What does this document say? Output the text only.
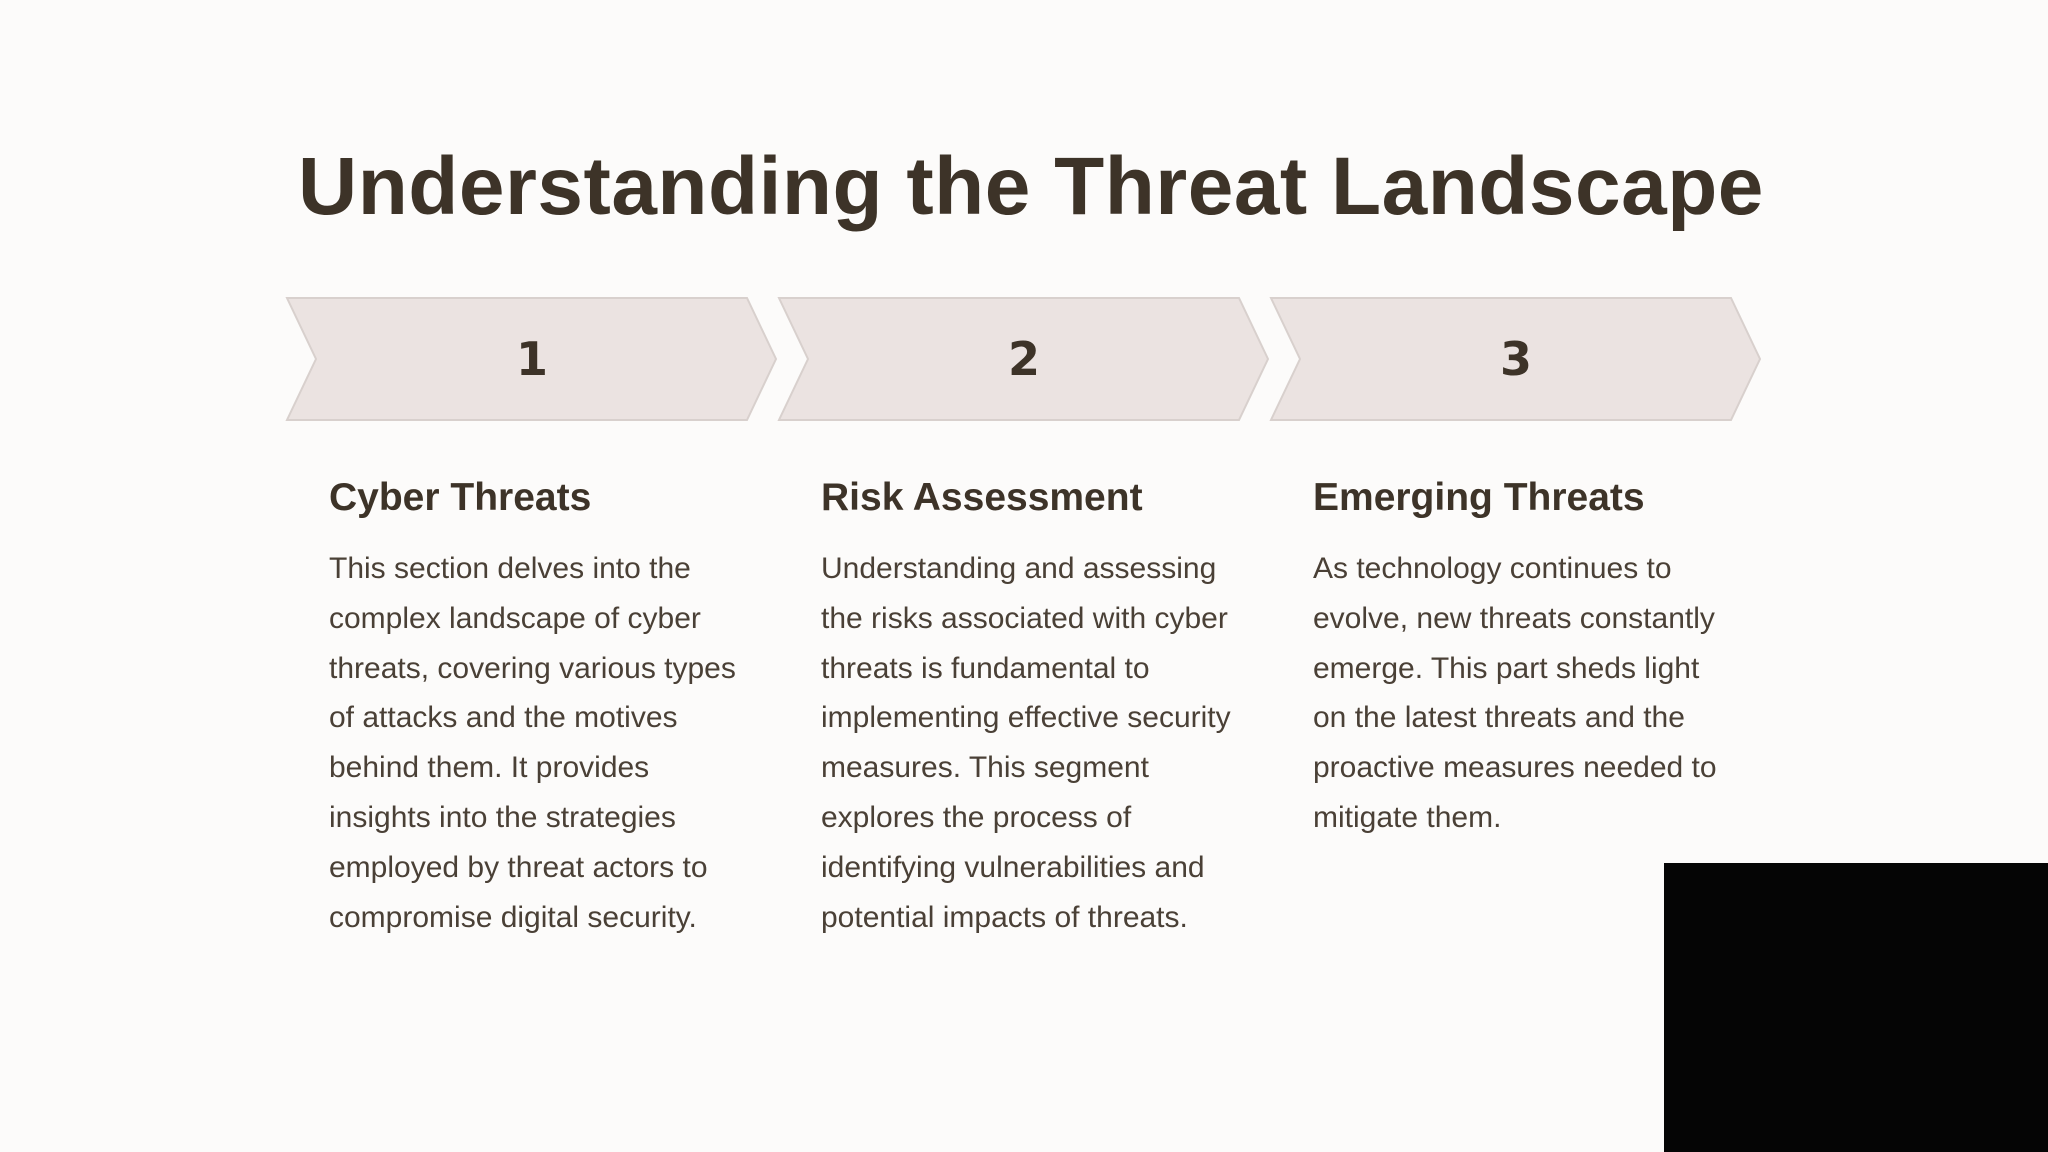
Understanding the Threat Landscape
1	2	3
Cyber Threats

This section delves into the complex landscape of cyber threats, covering various types of attacks and the motives behind them. It provides insights into the strategies employed by threat actors to compromise digital security.

Risk Assessment

Understanding and assessing the risks associated with cyber threats is fundamental to implementing effective security measures. This segment explores the process of identifying vulnerabilities and potential impacts of threats.

Emerging Threats

As technology continues to evolve, new threats constantly emerge. This part sheds light on the latest threats and the proactive measures needed to mitigate them.
